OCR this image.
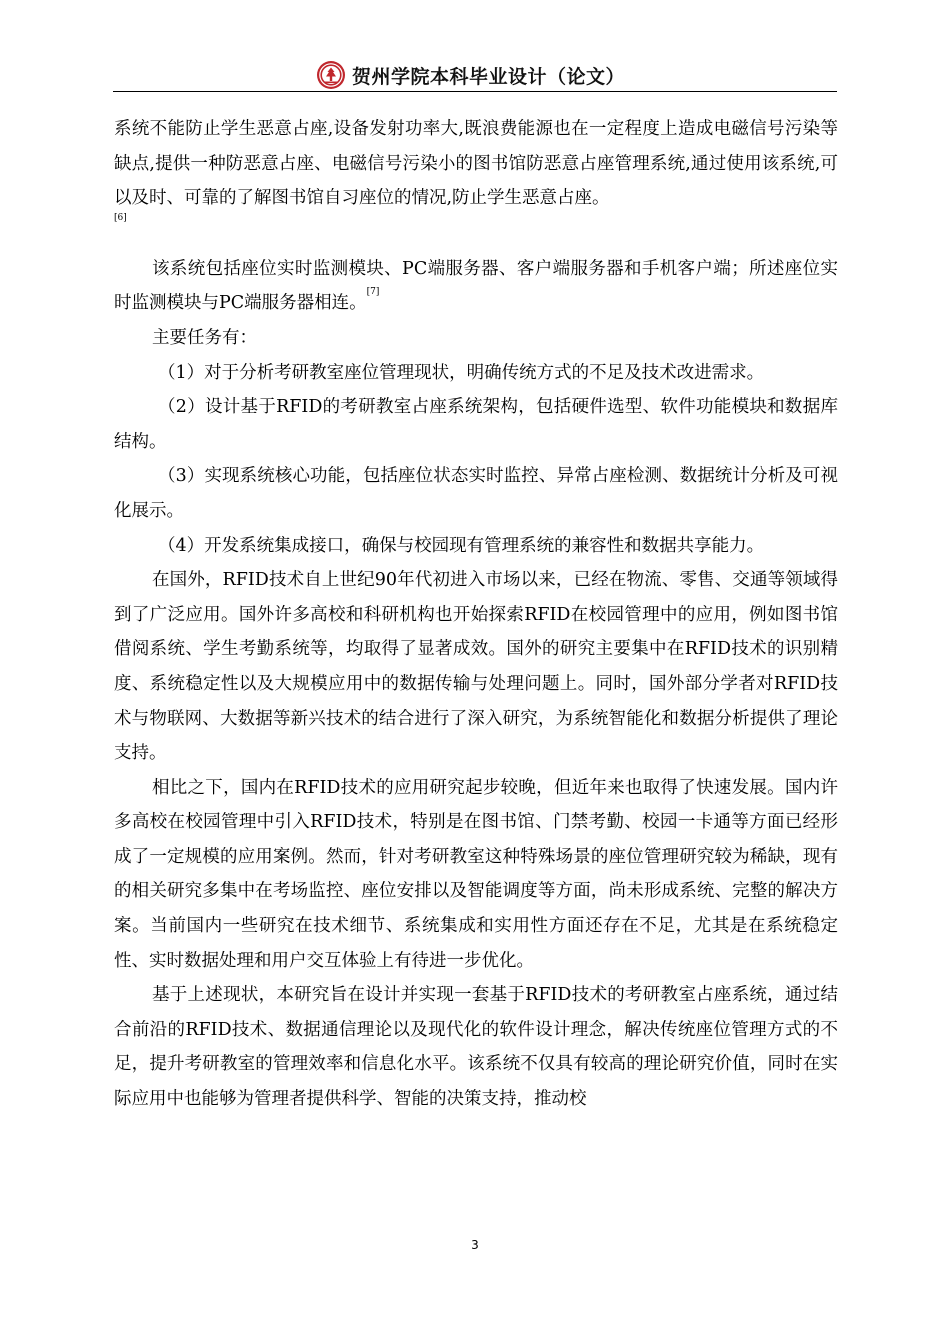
贺州学院本科毕业设计（论文）

系统不能防止学生恶意占座,设备发射功率大,既浪费能源也在一定程度上造成电磁信号污染等缺点,提供一种防恶意占座、电磁信号污染小的图书馆防恶意占座管理系统,通过使用该系统,可以及时、可靠的了解图书馆自习座位的情况,防止学生恶意占座。

[6]

该系统包括座位实时监测模块、PC端服务器、客户端服务器和手机客户端；所述座位实时监测模块与PC端服务器相连。[7]

主要任务有：

（1）对于分析考研教室座位管理现状，明确传统方式的不足及技术改进需求。

（2）设计基于RFID的考研教室占座系统架构，包括硬件选型、软件功能模块和数据库结构。

（3）实现系统核心功能，包括座位状态实时监控、异常占座检测、数据统计分析及可视化展示。

（4）开发系统集成接口，确保与校园现有管理系统的兼容性和数据共享能力。

在国外，RFID技术自上世纪90年代初进入市场以来，已经在物流、零售、交通等领域得到了广泛应用。国外许多高校和科研机构也开始探索RFID在校园管理中的应用，例如图书馆借阅系统、学生考勤系统等，均取得了显著成效。国外的研究主要集中在RFID技术的识别精度、系统稳定性以及大规模应用中的数据传输与处理问题上。同时，国外部分学者对RFID技术与物联网、大数据等新兴技术的结合进行了深入研究，为系统智能化和数据分析提供了理论支持。

相比之下，国内在RFID技术的应用研究起步较晚，但近年来也取得了快速发展。国内许多高校在校园管理中引入RFID技术，特别是在图书馆、门禁考勤、校园一卡通等方面已经形成了一定规模的应用案例。然而，针对考研教室这种特殊场景的座位管理研究较为稀缺，现有的相关研究多集中在考场监控、座位安排以及智能调度等方面，尚未形成系统、完整的解决方案。当前国内一些研究在技术细节、系统集成和实用性方面还存在不足，尤其是在系统稳定性、实时数据处理和用户交互体验上有待进一步优化。

基于上述现状，本研究旨在设计并实现一套基于RFID技术的考研教室占座系统，通过结合前沿的RFID技术、数据通信理论以及现代化的软件设计理念，解决传统座位管理方式的不足，提升考研教室的管理效率和信息化水平。该系统不仅具有较高的理论研究价值，同时在实际应用中也能够为管理者提供科学、智能的决策支持，推动校

3
